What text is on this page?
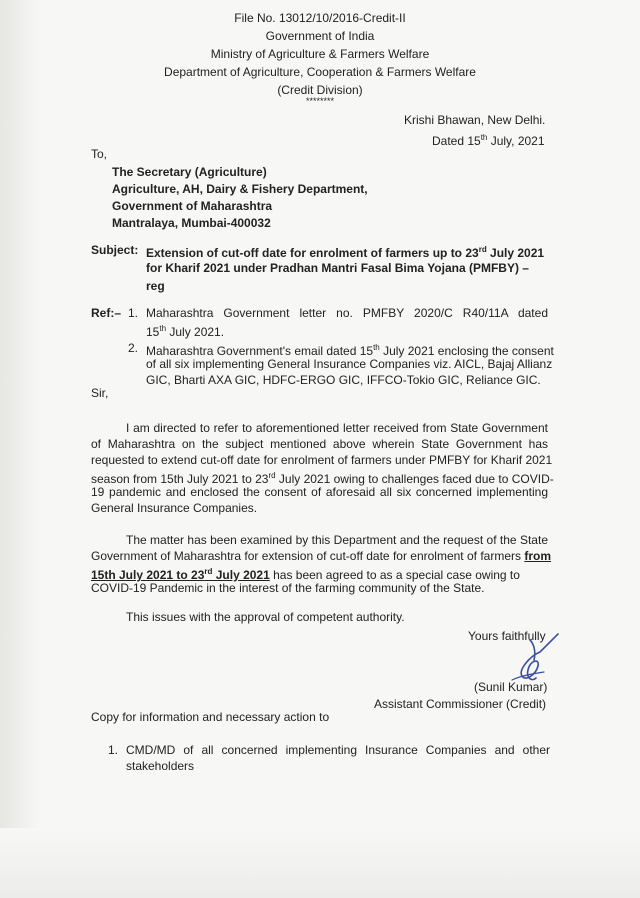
File No. 13012/10/2016-Credit-II
Government of India
Ministry of Agriculture & Farmers Welfare
Department of Agriculture, Cooperation & Farmers Welfare
(Credit Division)
********
Krishi Bhawan, New Delhi.
Dated 15th July, 2021
To,
The Secretary (Agriculture)
Agriculture, AH, Dairy & Fishery Department,
Government of Maharashtra
Mantralaya, Mumbai-400032
Subject: Extension of cut-off date for enrolment of farmers up to 23rd July 2021
for Kharif 2021 under Pradhan Mantri Fasal Bima Yojana (PMFBY) –
reg
Ref:– 1. Maharashtra Government letter no. PMFBY 2020/C R40/11A dated
15th July 2021.
2. Maharashtra Government's email dated 15th July 2021 enclosing the consent
of all six implementing General Insurance Companies viz. AICL, Bajaj Allianz
GIC, Bharti AXA GIC, HDFC-ERGO GIC, IFFCO-Tokio GIC, Reliance GIC.
Sir,
I am directed to refer to aforementioned letter received from State Government
of Maharashtra on the subject mentioned above wherein State Government has
requested to extend cut-off date for enrolment of farmers under PMFBY for Kharif 2021
season from 15th July 2021 to 23rd July 2021 owing to challenges faced due to COVID-
19 pandemic and enclosed the consent of aforesaid all six concerned implementing
General Insurance Companies.
The matter has been examined by this Department and the request of the State
Government of Maharashtra for extension of cut-off date for enrolment of farmers from
15th July 2021 to 23rd July 2021 has been agreed to as a special case owing to
COVID-19 Pandemic in the interest of the farming community of the State.
This issues with the approval of competent authority.
Yours faithfully
(Sunil Kumar)
Assistant Commissioner (Credit)
Copy for information and necessary action to
1. CMD/MD of all concerned implementing Insurance Companies and other
stakeholders
